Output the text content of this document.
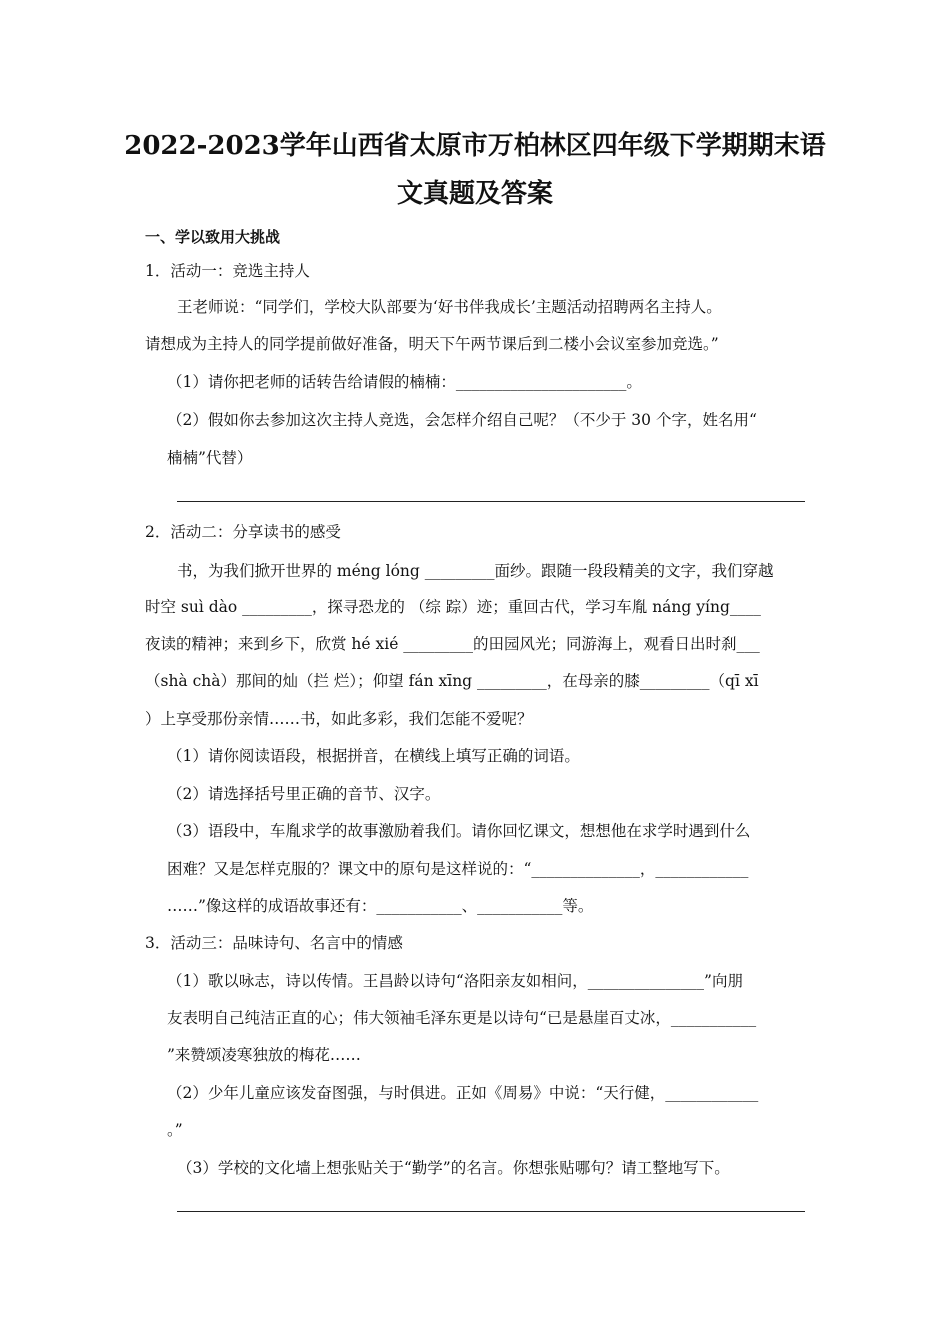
2022-2023学年山西省太原市万柏林区四年级下学期期末语
文真题及答案
一、学以致用大挑战
1．活动一：竞选主持人
王老师说：“同学们，学校大队部要为‘好书伴我成长’主题活动招聘两名主持人。
请想成为主持人的同学提前做好准备，明天下午两节课后到二楼小会议室参加竞选。”
（1）请你把老师的话转告给请假的楠楠：______________________。
（2）假如你去参加这次主持人竞选，会怎样介绍自己呢？（不少于 30 个字，姓名用“
楠楠”代替）
2．活动二：分享读书的感受
书，为我们掀开世界的 méng lóng _________面纱。跟随一段段精美的文字，我们穿越
时空 suì dào _________，探寻恐龙的 （综 踪）迹；重回古代，学习车胤 náng yíng____
夜读的精神；来到乡下，欣赏 hé xié _________的田园风光；同游海上，观看日出时刹___
（shà chà）那间的灿（拦 烂）；仰望 fán xīng _________，在母亲的膝_________（qī xī
）上享受那份亲情……书，如此多彩，我们怎能不爱呢？
（1）请你阅读语段，根据拼音，在横线上填写正确的词语。
（2）请选择括号里正确的音节、汉字。
（3）语段中，车胤求学的故事激励着我们。请你回忆课文，想想他在求学时遇到什么
困难？又是怎样克服的？课文中的原句是这样说的：“______________，____________
……”像这样的成语故事还有：___________、___________等。
3．活动三：品味诗句、名言中的情感
（1）歌以咏志，诗以传情。王昌龄以诗句“洛阳亲友如相问，_______________”向朋
友表明自己纯洁正直的心；伟大领袖毛泽东更是以诗句“已是悬崖百丈冰，___________
”来赞颂凌寒独放的梅花……
（2）少年儿童应该发奋图强，与时俱进。正如《周易》中说：“天行健，____________
。”
（3）学校的文化墙上想张贴关于“勤学”的名言。你想张贴哪句？请工整地写下。
